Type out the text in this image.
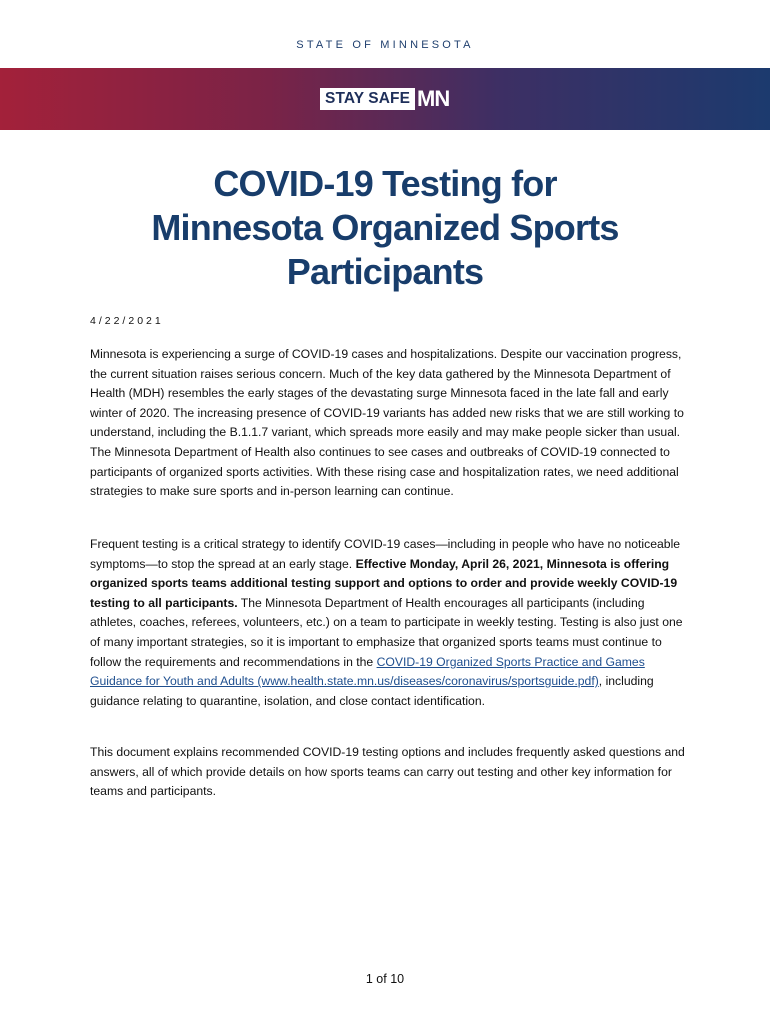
STATE OF MINNESOTA
STAY SAFE MN
COVID-19 Testing for
Minnesota Organized Sports
Participants
4/22/2021

Minnesota is experiencing a surge of COVID-19 cases and hospitalizations. Despite our vaccination progress, the current situation raises serious concern. Much of the key data gathered by the Minnesota Department of Health (MDH) resembles the early stages of the devastating surge Minnesota faced in the late fall and early winter of 2020. The increasing presence of COVID-19 variants has added new risks that we are still working to understand, including the B.1.1.7 variant, which spreads more easily and may make people sicker than usual. The Minnesota Department of Health also continues to see cases and outbreaks of COVID-19 connected to participants of organized sports activities. With these rising case and hospitalization rates, we need additional strategies to make sure sports and in-person learning can continue.

Frequent testing is a critical strategy to identify COVID-19 cases—including in people who have no noticeable symptoms—to stop the spread at an early stage. Effective Monday, April 26, 2021, Minnesota is offering organized sports teams additional testing support and options to order and provide weekly COVID-19 testing to all participants. The Minnesota Department of Health encourages all participants (including athletes, coaches, referees, volunteers, etc.) on a team to participate in weekly testing. Testing is also just one of many important strategies, so it is important to emphasize that organized sports teams must continue to follow the requirements and recommendations in the COVID-19 Organized Sports Practice and Games Guidance for Youth and Adults (www.health.state.mn.us/diseases/coronavirus/sportsguide.pdf), including guidance relating to quarantine, isolation, and close contact identification.

This document explains recommended COVID-19 testing options and includes frequently asked questions and answers, all of which provide details on how sports teams can carry out testing and other key information for teams and participants.

1 of 10
